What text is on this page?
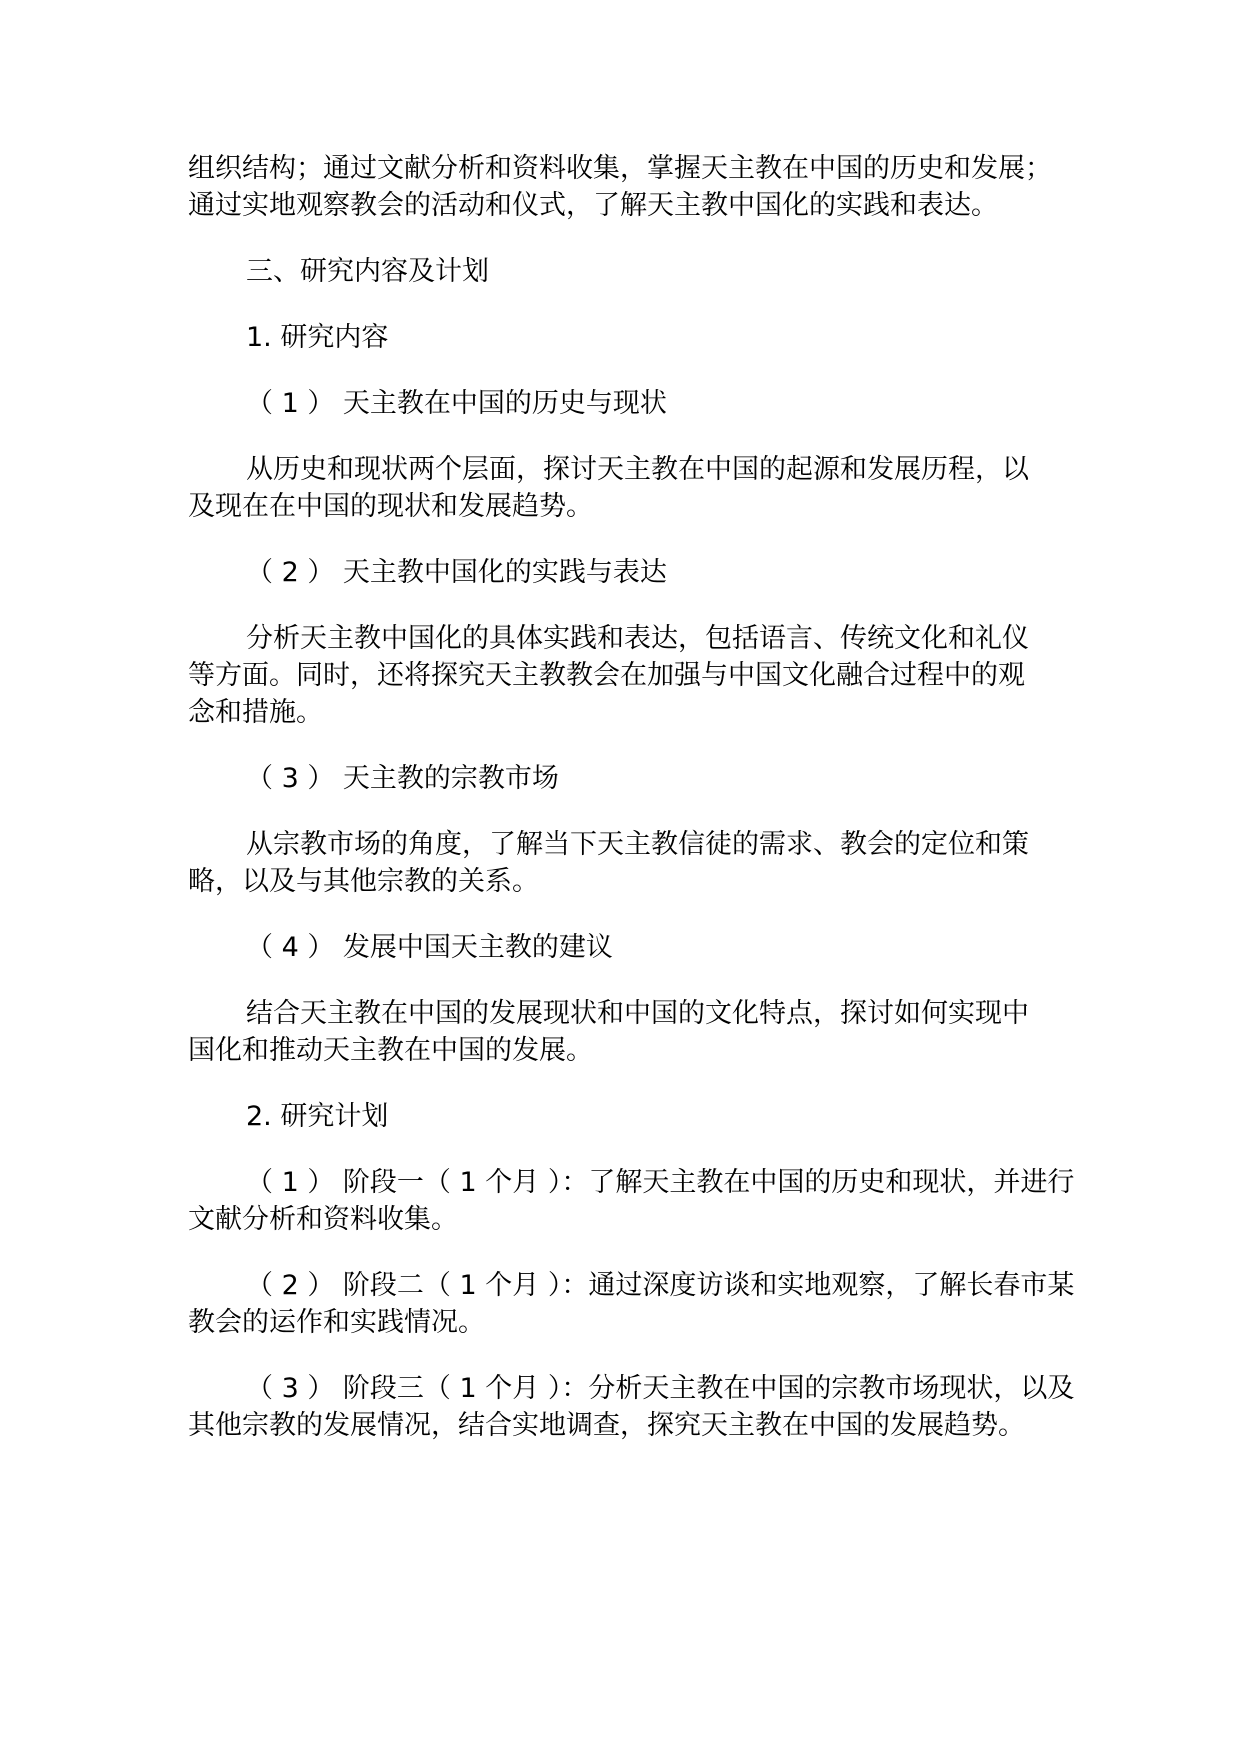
组织结构；通过文献分析和资料收集，掌握天主教在中国的历史和发展；

通过实地观察教会的活动和仪式，了解天主教中国化的实践和表达。

三、研究内容及计划

1. 研究内容

（ 1 ） 天主教在中国的历史与现状

从历史和现状两个层面，探讨天主教在中国的起源和发展历程，以

及现在在中国的现状和发展趋势。

（ 2 ） 天主教中国化的实践与表达

分析天主教中国化的具体实践和表达，包括语言、传统文化和礼仪

等方面。同时，还将探究天主教教会在加强与中国文化融合过程中的观

念和措施。

（ 3 ） 天主教的宗教市场

从宗教市场的角度，了解当下天主教信徒的需求、教会的定位和策

略，以及与其他宗教的关系。

（ 4 ） 发展中国天主教的建议

结合天主教在中国的发展现状和中国的文化特点，探讨如何实现中

国化和推动天主教在中国的发展。

2. 研究计划

（ 1 ） 阶段一（ 1 个月 ）：了解天主教在中国的历史和现状，并进行

文献分析和资料收集。

（ 2 ） 阶段二（ 1 个月 ）：通过深度访谈和实地观察，了解长春市某

教会的运作和实践情况。

（ 3 ） 阶段三（ 1 个月 ）：分析天主教在中国的宗教市场现状，以及

其他宗教的发展情况，结合实地调查，探究天主教在中国的发展趋势。
